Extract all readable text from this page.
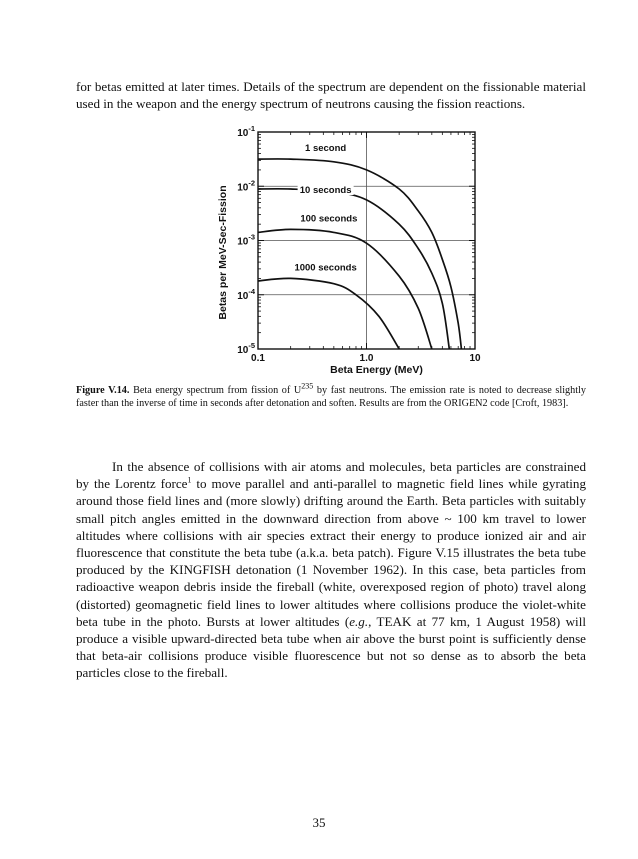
for betas emitted at later times. Details of the spectrum are dependent on the fissionable material used in the weapon and the energy spectrum of neutrons causing the fission reactions.

1 second
10 seconds
100 seconds
1000 seconds
$10^{-1}$
$10^{-2}$
$10^{-3}$
$10^{-4}$
$10^{-5}$
0.1	1.0	10
Beta Energy (MeV)
Betas per MeV-Sec-Fission

Figure V.14. Beta energy spectrum from fission of $U^{235}$ by fast neutrons. The emission rate is noted to decrease slightly faster than the inverse of time in seconds after detonation and soften. Results are from the ORIGEN2 code [Croft, 1983].

In the absence of collisions with air atoms and molecules, beta particles are constrained by the Lorentz force$^1$ to move parallel and anti-parallel to magnetic field lines while gyrating around those field lines and (more slowly) drifting around the Earth. Beta particles with suitably small pitch angles emitted in the downward direction from above ~ 100 km travel to lower altitudes where collisions with air species extract their energy to produce ionized air and air fluorescence that constitute the beta tube (a.k.a. beta patch). Figure V.15 illustrates the beta tube produced by the KINGFISH detonation (1 November 1962). In this case, beta particles from radioactive weapon debris inside the fireball (white, overexposed region of photo) travel along (distorted) geomagnetic field lines to lower altitudes where collisions produce the violet-white beta tube in the photo. Bursts at lower altitudes (e.g., TEAK at 77 km, 1 August 1958) will produce a visible upward-directed beta tube when air above the burst point is sufficiently dense that beta-air collisions produce visible fluorescence but not so dense as to absorb the beta particles close to the fireball.

35
